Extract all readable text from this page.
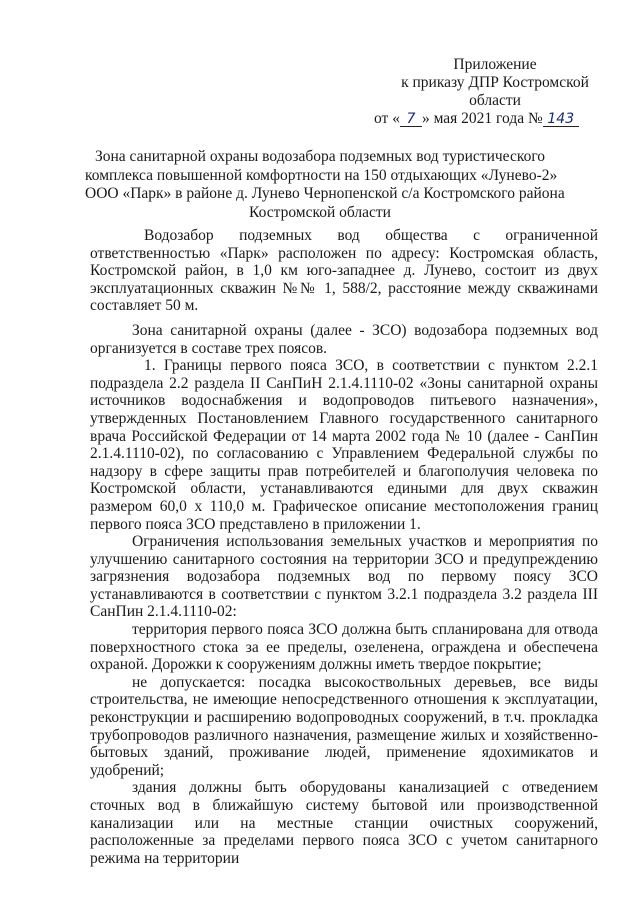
Приложение
к приказу ДПР Костромской
области
от « 7 » мая 2021 года № 143
Зона санитарной охраны водозабора подземных вод туристического
комплекса повышенной комфортности на 150 отдыхающих «Лунево-2»
ООО «Парк» в районе д. Лунево Чернопенской с/а Костромского района
Костромской области

Водозабор подземных вод общества с ограниченной ответственностью «Парк» расположен по адресу: Костромская область, Костромской район, в 1,0 км юго-западнее д. Лунево, состоит из двух эксплуатационных скважин №№ 1, 588/2, расстояние между скважинами составляет 50 м.

Зона санитарной охраны (далее - ЗСО) водозабора подземных вод организуется в составе трех поясов.

1. Границы первого пояса ЗСО, в соответствии с пунктом 2.2.1 подраздела 2.2 раздела II СанПиН 2.1.4.1110-02 «Зоны санитарной охраны источников водоснабжения и водопроводов питьевого назначения», утвержденных Постановлением Главного государственного санитарного врача Российской Федерации от 14 марта 2002 года № 10 (далее - СанПин 2.1.4.1110-02), по согласованию с Управлением Федеральной службы по надзору в сфере защиты прав потребителей и благополучия человека по Костромской области, устанавливаются едиными для двух скважин размером 60,0 х 110,0 м. Графическое описание местоположения границ первого пояса ЗСО представлено в приложении 1.

Ограничения использования земельных участков и мероприятия по улучшению санитарного состояния на территории ЗСО и предупреждению загрязнения водозабора подземных вод по первому поясу ЗСО устанавливаются в соответствии с пунктом 3.2.1 подраздела 3.2 раздела III СанПин 2.1.4.1110-02:

территория первого пояса ЗСО должна быть спланирована для отвода поверхностного стока за ее пределы, озеленена, ограждена и обеспечена охраной. Дорожки к сооружениям должны иметь твердое покрытие;

не допускается: посадка высокоствольных деревьев, все виды строительства, не имеющие непосредственного отношения к эксплуатации, реконструкции и расширению водопроводных сооружений, в т.ч. прокладка трубопроводов различного назначения, размещение жилых и хозяйственно-бытовых зданий, проживание людей, применение ядохимикатов и удобрений;

здания должны быть оборудованы канализацией с отведением сточных вод в ближайшую систему бытовой или производственной канализации или на местные станции очистных сооружений, расположенные за пределами первого пояса ЗСО с учетом санитарного режима на территории
